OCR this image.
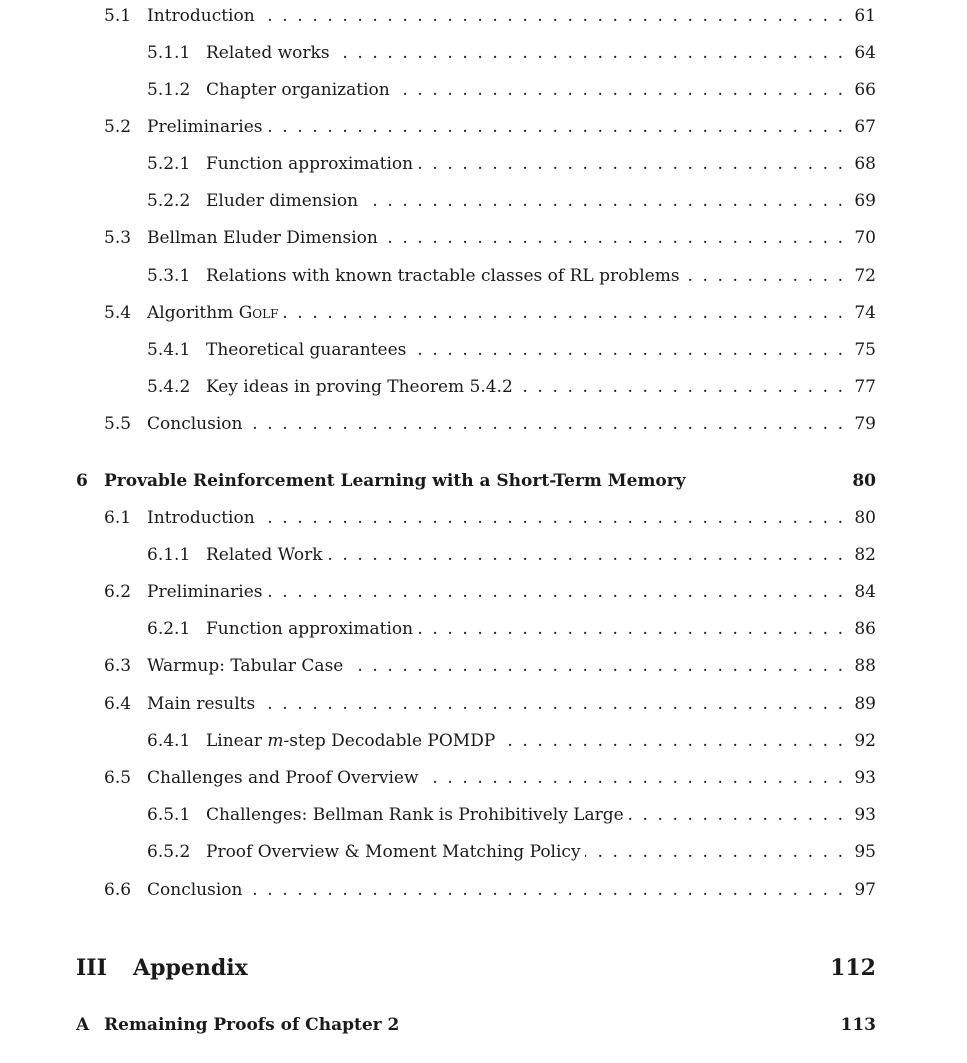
5.1 Introduction . . .	61
5.1.1 Related works . . .	64
5.1.2 Chapter organization . . .	66
5.2 Preliminaries . . .	67
5.2.1 Function approximation . . .	68
5.2.2 Eluder dimension . . .	69
5.3 Bellman Eluder Dimension . . .	70
5.3.1 Relations with known tractable classes of RL problems . . .	72
5.4 Algorithm Golf . . .	74
5.4.1 Theoretical guarantees . . .	75
5.4.2 Key ideas in proving Theorem 5.4.2 . . .	77
5.5 Conclusion . . .	79
6 Provable Reinforcement Learning with a Short-Term Memory	80
6.1 Introduction . . .	80
6.1.1 Related Work . . .	82
6.2 Preliminaries . . .	84
6.2.1 Function approximation . . .	86
6.3 Warmup: Tabular Case . . .	88
6.4 Main results . . .	89
6.4.1 Linear m-step Decodable POMDP . . .	92
6.5 Challenges and Proof Overview . . .	93
6.5.1 Challenges: Bellman Rank is Prohibitively Large . . .	93
6.5.2 Proof Overview & Moment Matching Policy . . .	95
6.6 Conclusion . . .	97
III Appendix	112
A Remaining Proofs of Chapter 2	113
